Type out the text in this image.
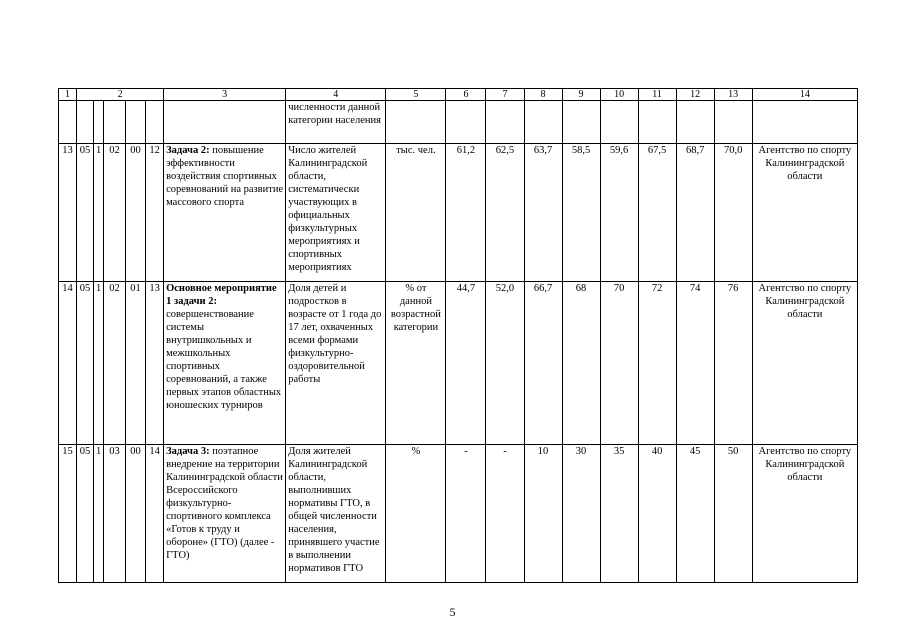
1	2					3	4	5	6	7	8	9	10	11	12	13	14
							численности данной категории населения										
13	05	1	02	00	12	Задача 2: повышение эффективности воздействия спортивных соревнований на развитие массового спорта	Число жителей Калининградской области, систематически участвующих в официальных физкультурных мероприятиях и спортивных мероприятиях	тыс. чел.	61,2	62,5	63,7	58,5	59,6	67,5	68,7	70,0	Агентство по спорту Калининградской области
14	05	1	02	01	13	Основное мероприятие 1 задачи 2: совершенствование системы внутришкольных и межшкольных спортивных соревнований, а также первых этапов областных юношеских турниров	Доля детей и подростков в возрасте от 1 года до 17 лет, охваченных всеми формами физкультурно-оздоровительной работы	% от данной возрастной категории	44,7	52,0	66,7	68	70	72	74	76	Агентство по спорту Калининградской области
15	05	1	03	00	14	Задача 3: поэтапное внедрение на территории Калининградской области Всероссийского физкультурно-спортивного комплекса «Готов к труду и обороне» (ГТО) (далее - ГТО)	Доля жителей Калининградской области, выполнивших нормативы ГТО, в общей численности населения, принявшего участие в выполнении нормативов ГТО	%	-	-	10	30	35	40	45	50	Агентство по спорту Калининградской области
5
